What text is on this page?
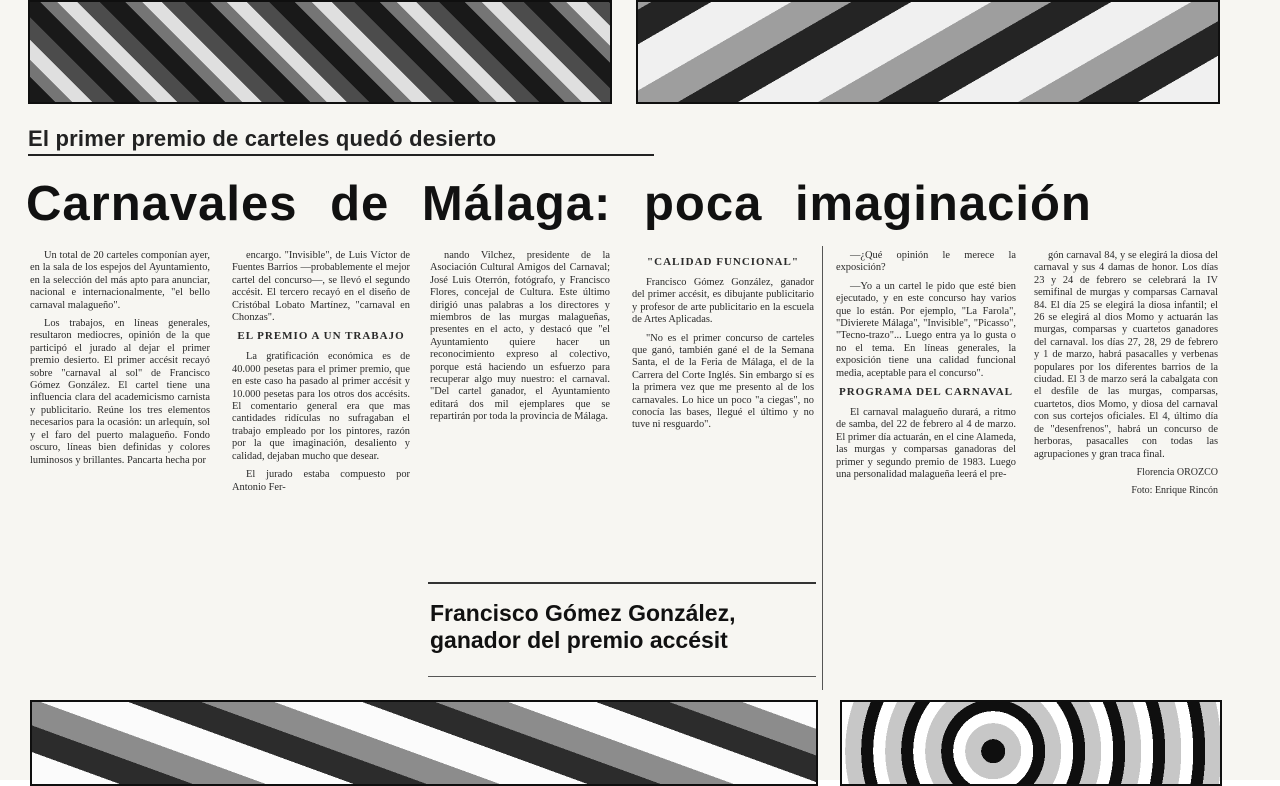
El primer premio de carteles quedó desierto
Carnavales de Málaga: poca imaginación

Un total de 20 carteles componían ayer, en la sala de los espejos del Ayuntamiento, en la selección del más apto para anunciar, nacional e internacionalmente, "el bello carnaval malagueño".

Los trabajos, en líneas generales, resultaron mediocres, opinión de la que participó el jurado al dejar el primer premio desierto. El primer accésit recayó sobre "carnaval al sol" de Francisco Gómez González. El cartel tiene una influencia clara del academicismo carnista y publicitario. Reúne los tres elementos necesarios para la ocasión: un arlequín, sol y el faro del puerto malagueño. Fondo oscuro, líneas bien definidas y colores luminosos y brillantes. Pancarta hecha por

encargo. "Invisible", de Luis Víctor de Fuentes Barrios —probablemente el mejor cartel del concurso—, se llevó el segundo accésit. El tercero recayó en el diseño de Cristóbal Lobato Martínez, "carnaval en Chonzas".

EL PREMIO A UN TRABAJO

La gratificación económica es de 40.000 pesetas para el primer premio, que en este caso ha pasado al primer accésit y 10.000 pesetas para los otros dos accésits. El comentario general era que mas cantidades ridículas no sufragaban el trabajo empleado por los pintores, razón por la que imaginación, desaliento y calidad, dejaban mucho que desear.

El jurado estaba compuesto por Antonio Fer-

nando Vilchez, presidente de la Asociación Cultural Amigos del Carnaval; José Luis Oterrón, fotógrafo, y Francisco Flores, concejal de Cultura. Este último dirigió unas palabras a los directores y miembros de las murgas malagueñas, presentes en el acto, y destacó que "el Ayuntamiento quiere hacer un reconocimiento expreso al colectivo, porque está haciendo un esfuerzo para recuperar algo muy nuestro: el carnaval. "Del cartel ganador, el Ayuntamiento editará dos mil ejemplares que se repartirán por toda la provincia de Málaga.

"CALIDAD FUNCIONAL"

Francisco Gómez González, ganador del primer accésit, es dibujante publicitario y profesor de arte publicitario en la escuela de Artes Aplicadas.

"No es el primer concurso de carteles que ganó, también gané el de la Semana Santa, el de la Feria de Málaga, el de la Carrera del Corte Inglés. Sin embargo sí es la primera vez que me presento al de los carnavales. Lo hice un poco "a ciegas", no conocía las bases, llegué el último y no tuve ni resguardo".

Francisco Gómez González,
ganador del premio accésit

—¿Qué opinión le merece la exposición?

—Yo a un cartel le pido que esté bien ejecutado, y en este concurso hay varios que lo están. Por ejemplo, "La Farola", "Divierete Málaga", "Invisible", "Picasso", "Tecno-trazo"... Luego entra ya lo gusta o no el tema. En líneas generales, la exposición tiene una calidad funcional media, aceptable para el concurso".

PROGRAMA DEL CARNAVAL

El carnaval malagueño durará, a ritmo de samba, del 22 de febrero al 4 de marzo. El primer día actuarán, en el cine Alameda, las murgas y comparsas ganadoras del primer y segundo premio de 1983. Luego una personalidad malagueña leerá el pre-

gón carnaval 84, y se elegirá la diosa del carnaval y sus 4 damas de honor. Los días 23 y 24 de febrero se celebrará la IV semifinal de murgas y comparsas Carnaval 84. El día 25 se elegirá la diosa infantil; el 26 se elegirá al dios Momo y actuarán las murgas, comparsas y cuartetos ganadores del carnaval. los días 27, 28, 29 de febrero y 1 de marzo, habrá pasacalles y verbenas populares por los diferentes barrios de la ciudad. El 3 de marzo será la cabalgata con el desfile de las murgas, comparsas, cuartetos, dios Momo, y diosa del carnaval con sus cortejos oficiales. El 4, último día de "desenfrenos", habrá un concurso de herboras, pasacalles con todas las agrupaciones y gran traca final.

Florencia OROZCO

Foto: Enrique Rincón
